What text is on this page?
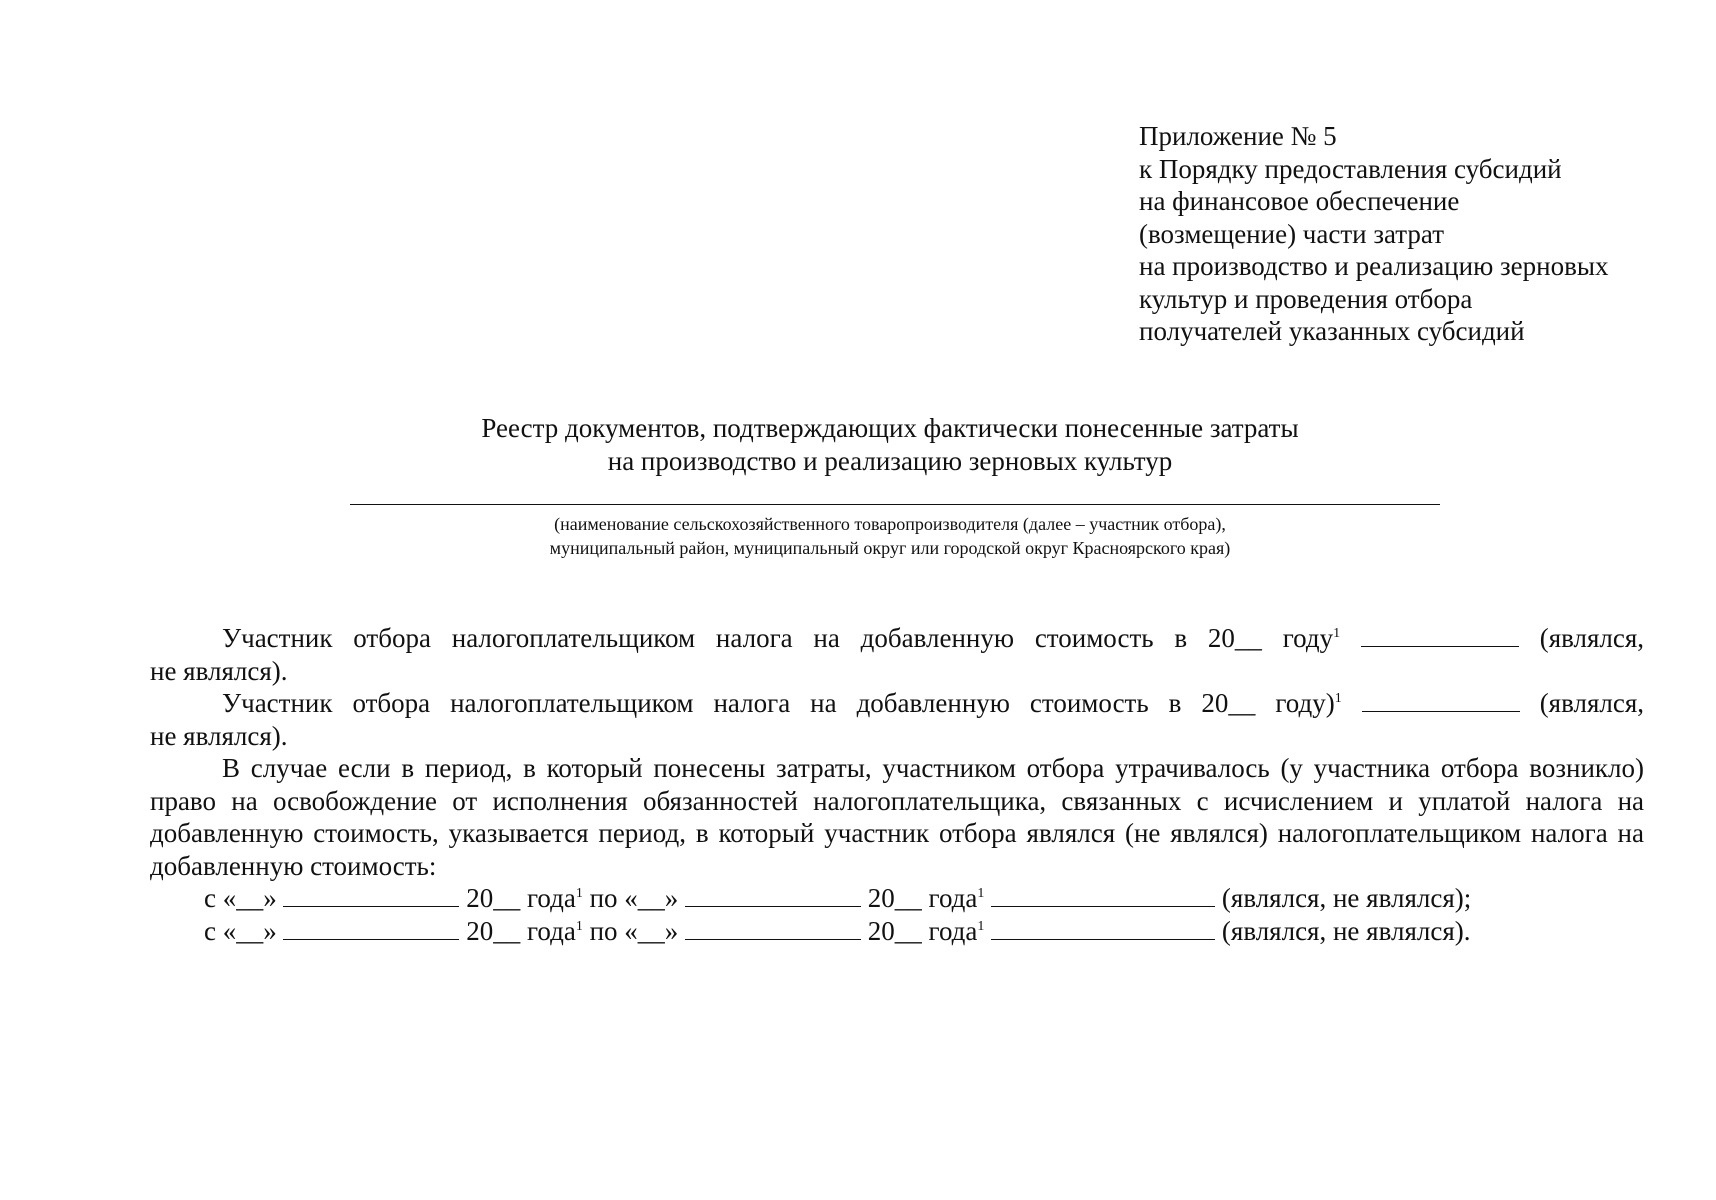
Приложение № 5
к Порядку предоставления субсидий
на финансовое обеспечение
(возмещение) части затрат
на производство и реализацию зерновых
культур и проведения отбора
получателей указанных субсидий
Реестр документов, подтверждающих фактически понесенные затраты
на производство и реализацию зерновых культур
(наименование сельскохозяйственного товаропроизводителя (далее – участник отбора),
муниципальный район, муниципальный округ или городской округ Красноярского края)
Участник отбора налогоплательщиком налога на добавленную стоимость в 20__ году$^1$	(являлся,
не являлся).
Участник отбора налогоплательщиком налога на добавленную стоимость в 20__ году)$^1$	(являлся,
не являлся).
В случае если в период, в который понесены затраты, участником отбора утрачивалось (у участника отбора возникло) право на освобождение от исполнения обязанностей налогоплательщика, связанных с исчислением и уплатой налога на добавленную стоимость, указывается период, в который участник отбора являлся (не являлся) налогоплательщиком налога на добавленную стоимость:
с «__»	20__ года$^1$ по «__»	20__ года$^1$	(являлся, не являлся);
с «__»	20__ года$^1$ по «__»	20__ года$^1$	(являлся, не являлся).
